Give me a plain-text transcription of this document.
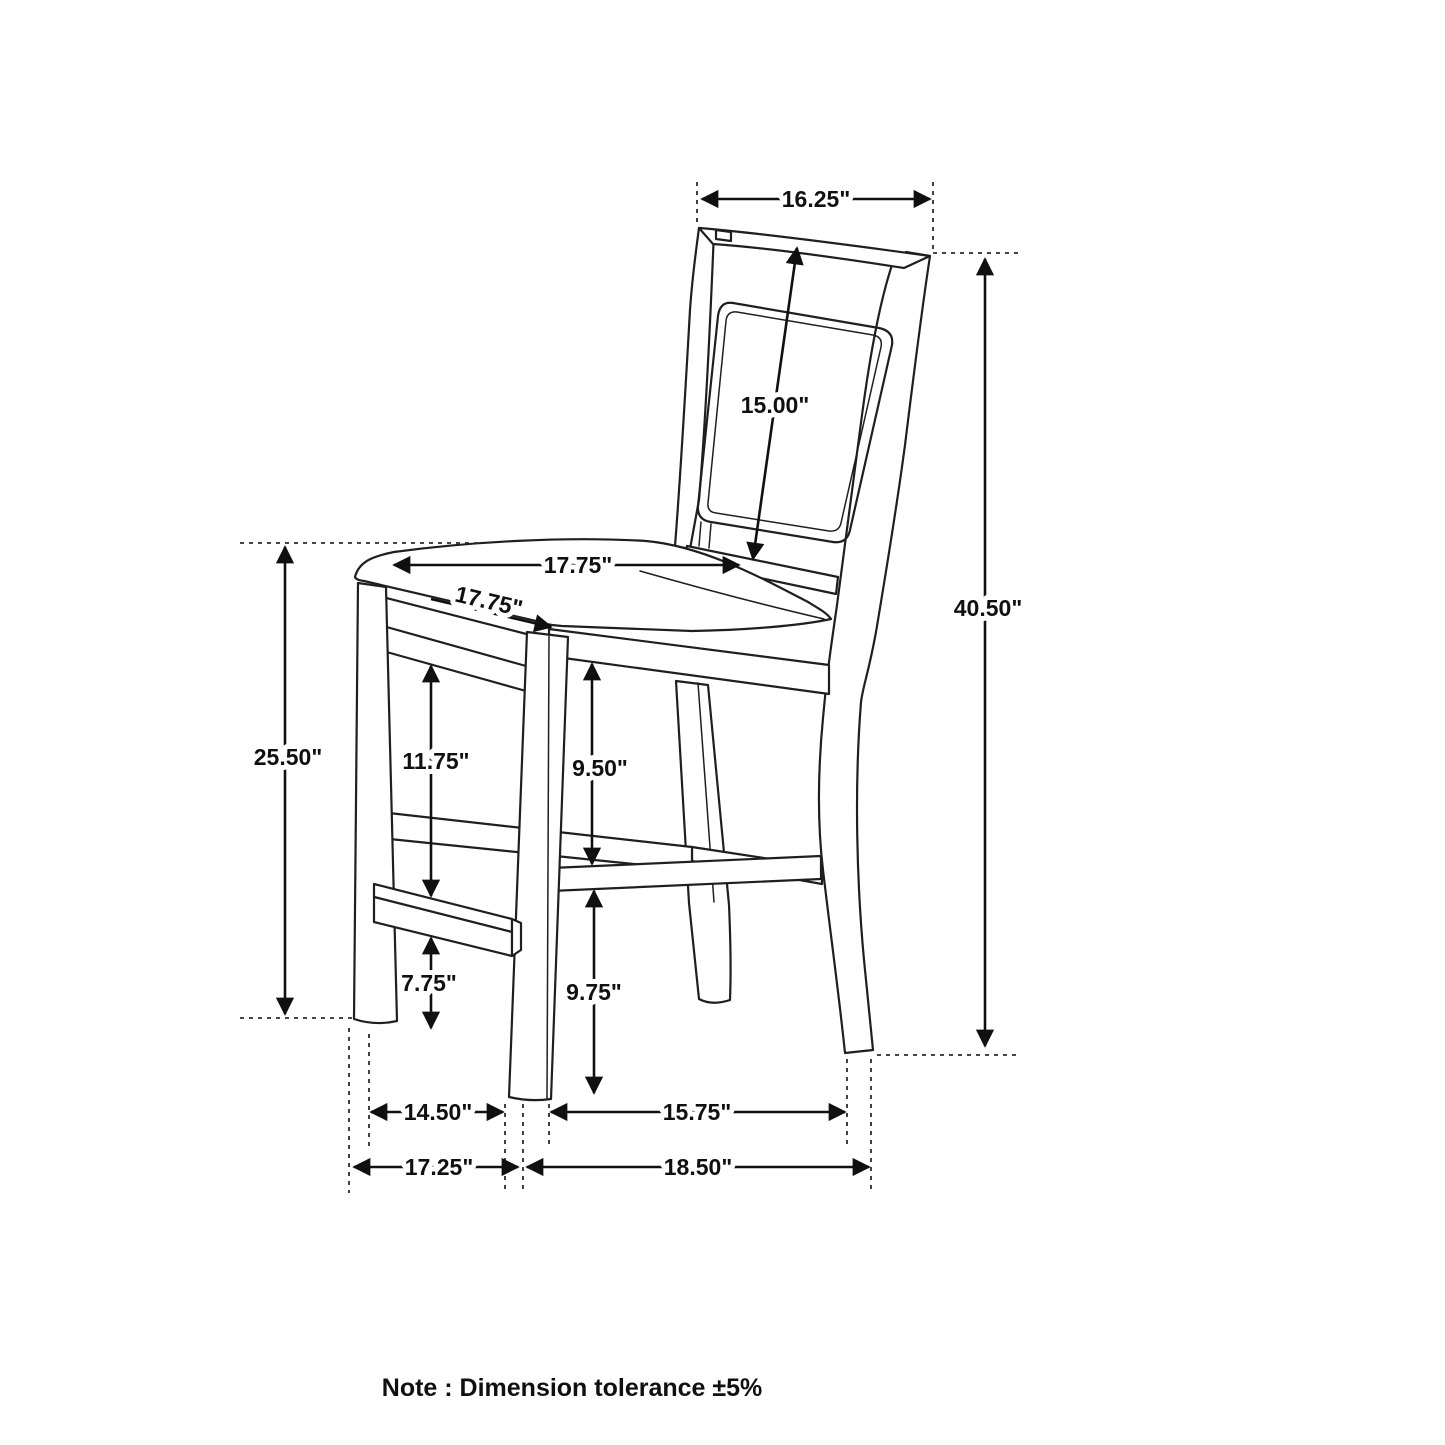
16.25"
15.00"
40.50"
17.75"
17.75"
25.50"	11.75"	9.50"
7.75"	9.75"
14.50"	15.75"
17.25"	18.50"
Note : Dimension tolerance ±5%
